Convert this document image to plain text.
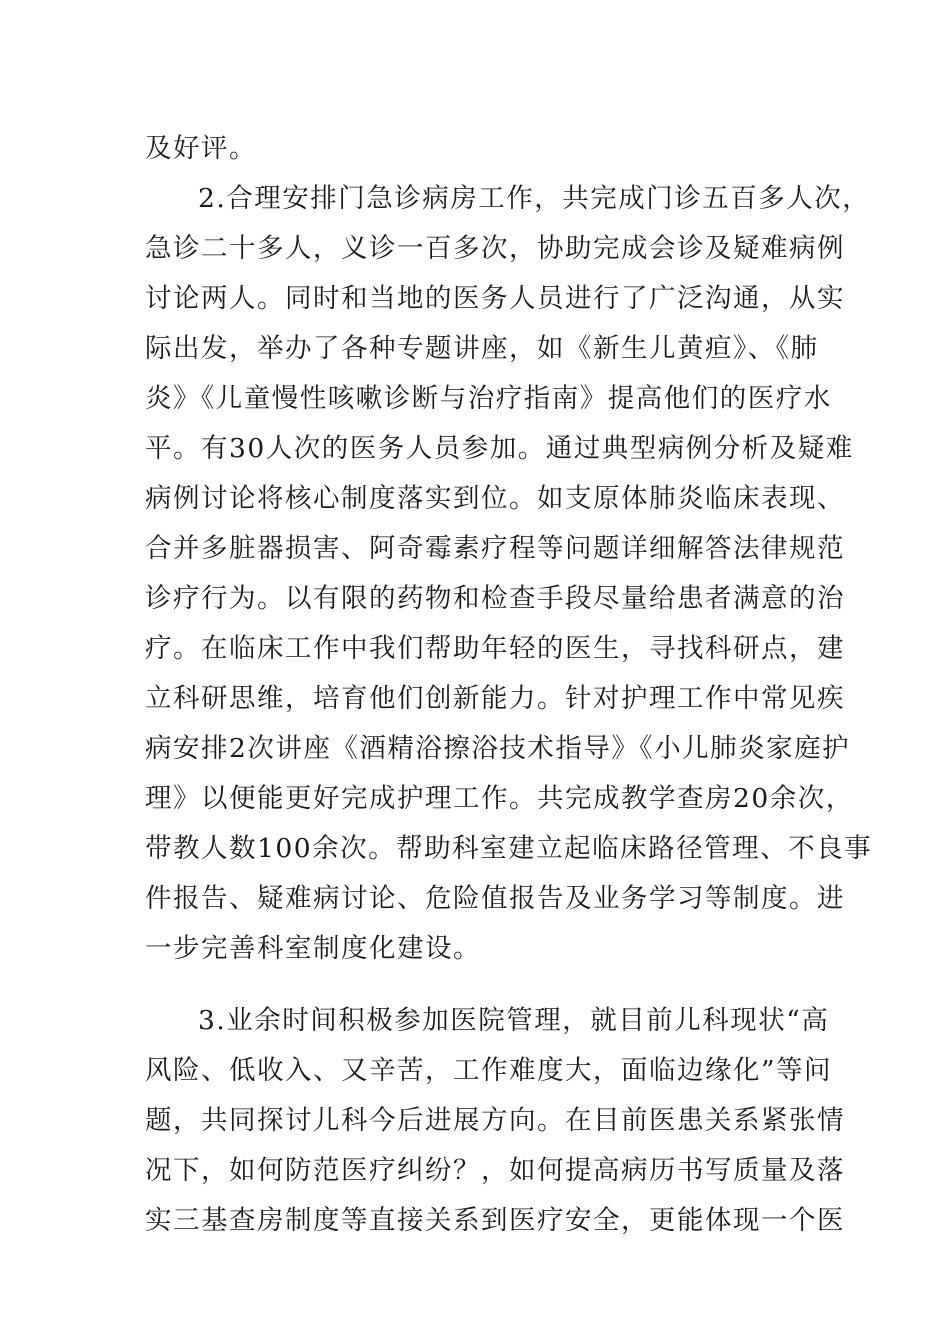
及好评。
2.合理安排门急诊病房工作，共完成门诊五百多人次，
急诊二十多人，义诊一百多次，协助完成会诊及疑难病例
讨论两人。同时和当地的医务人员进行了广泛沟通，从实
际出发，举办了各种专题讲座，如《新生儿黄疸》、《肺
炎》《儿童慢性咳嗽诊断与治疗指南》提高他们的医疗水
平。有30人次的医务人员参加。通过典型病例分析及疑难
病例讨论将核心制度落实到位。如支原体肺炎临床表现、
合并多脏器损害、阿奇霉素疗程等问题详细解答法律规范
诊疗行为。以有限的药物和检查手段尽量给患者满意的治
疗。在临床工作中我们帮助年轻的医生，寻找科研点，建
立科研思维，培育他们创新能力。针对护理工作中常见疾
病安排2次讲座《酒精浴擦浴技术指导》《小儿肺炎家庭护
理》以便能更好完成护理工作。共完成教学查房20余次，
带教人数100余次。帮助科室建立起临床路径管理、不良事
件报告、疑难病讨论、危险值报告及业务学习等制度。进
一步完善科室制度化建设。
3.业余时间积极参加医院管理，就目前儿科现状“高
风险、低收入、又辛苦，工作难度大，面临边缘化”等问
题，共同探讨儿科今后进展方向。在目前医患关系紧张情
况下，如何防范医疗纠纷？，如何提高病历书写质量及落
实三基查房制度等直接关系到医疗安全，更能体现一个医
